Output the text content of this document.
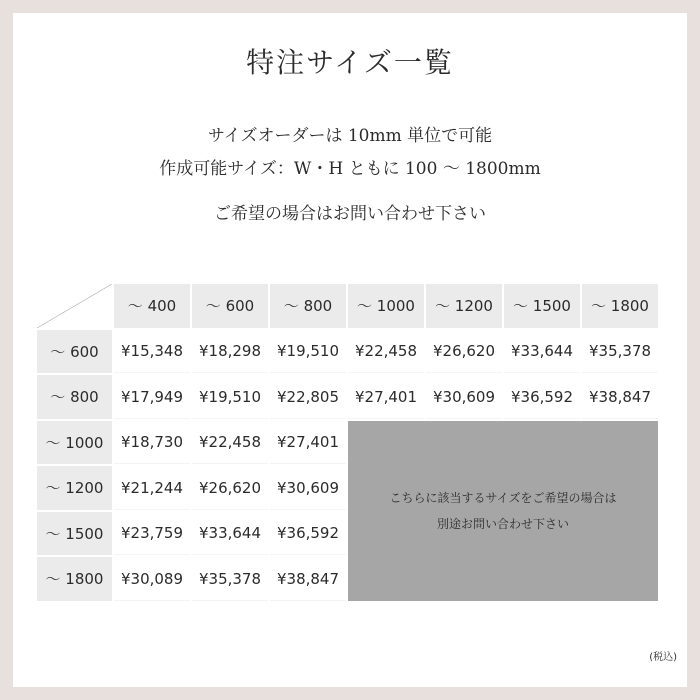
特注サイズ一覧
サイズオーダーは 10mm 単位で可能
作成可能サイズ：W・H ともに 100 〜 1800mm
ご希望の場合はお問い合わせ下さい
	〜 400	〜 600	〜 800	〜 1000	〜 1200	〜 1500	〜 1800
〜 600	¥15,348	¥18,298	¥19,510	¥22,458	¥26,620	¥33,644	¥35,378
〜 800	¥17,949	¥19,510	¥22,805	¥27,401	¥30,609	¥36,592	¥38,847
〜 1000	¥18,730	¥22,458	¥27,401	こちらに該当するサイズをご希望の場合は
別途お問い合わせ下さい			

〜 1200	¥21,244	¥26,620	¥30,609				
〜 1500	¥23,759	¥33,644	¥36,592				
〜 1800	¥30,089	¥35,378	¥38,847				
(税込)
